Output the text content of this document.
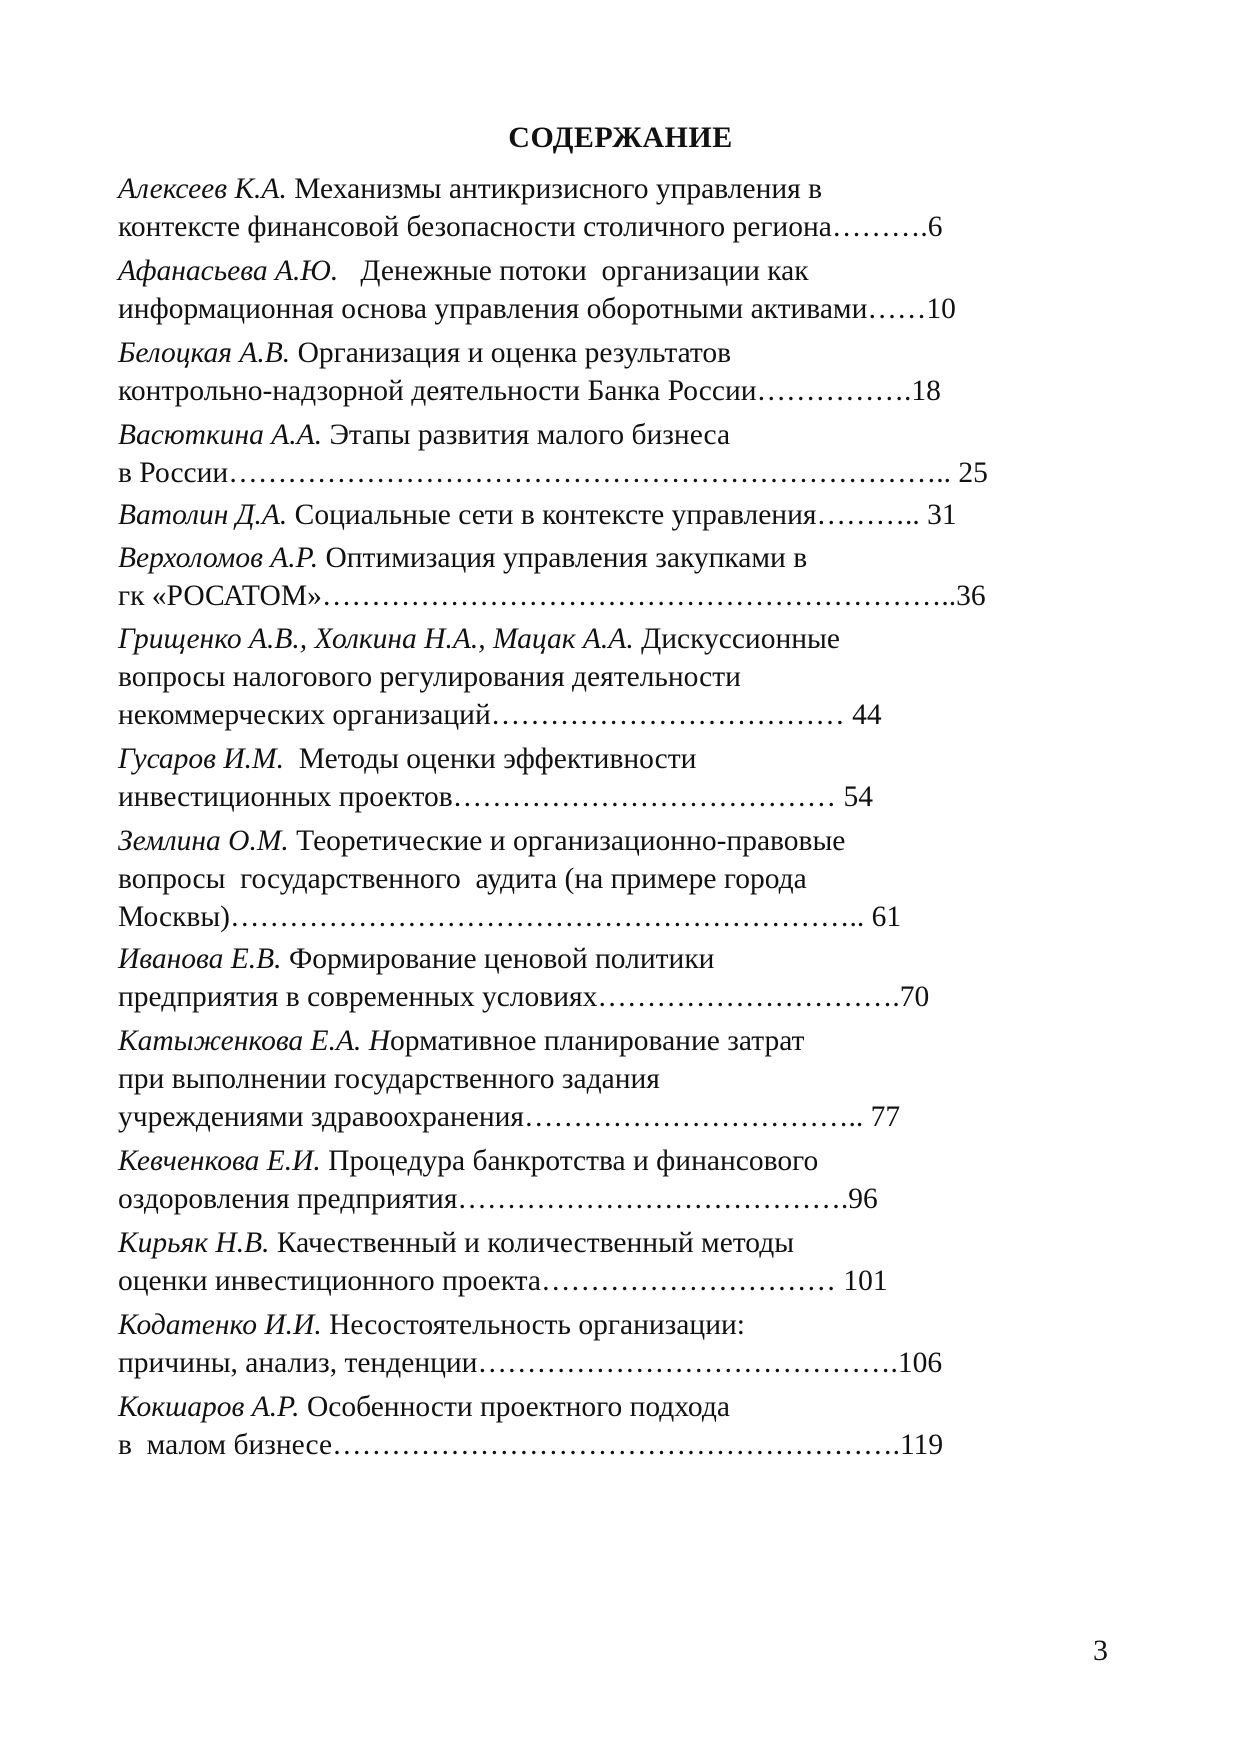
СОДЕРЖАНИЕ
Алексеев К.А. Механизмы антикризисного управления в
контексте финансовой безопасности столичного региона……….6
Афанасьева А.Ю.   Денежные потоки  организации как
информационная основа управления оборотными активами……10
Белоцкая А.В. Организация и оценка результатов
контрольно-надзорной деятельности Банка России…………….18
Васюткина А.А. Этапы развития малого бизнеса
в России……………………………………………………………….. 25
Ватолин Д.А. Социальные сети в контексте управления……….. 31
Верхоломов А.Р. Оптимизация управления закупками в
гк «РОСАТОМ»………………………………………………………..36
Грищенко А.В., Холкина Н.А., Мацак А.А. Дискуссионные
вопросы налогового регулирования деятельности
некоммерческих организаций……………………………… 44
Гусаров И.М.  Методы оценки эффективности
инвестиционных проектов………………………………… 54
Землина О.М. Теоретические и организационно-правовые
вопросы  государственного  аудита (на примере города
Москвы)……………………………………………………….. 61
Иванова Е.В. Формирование ценовой политики
предприятия в современных условиях………………………….70
Катыженкова Е.А. Нормативное планирование затрат
при выполнении государственного задания
учреждениями здравоохранения…………………………….. 77
Кевченкова Е.И. Процедура банкротства и финансового
оздоровления предприятия………………………………….96
Кирьяк Н.В. Качественный и количественный методы
оценки инвестиционного проекта………………………… 101
Кодатенко И.И. Несостоятельность организации:
причины, анализ, тенденции…………………………………….106
Кокшаров А.Р. Особенности проектного подхода
в  малом бизнесе………………………………………………….119
3
